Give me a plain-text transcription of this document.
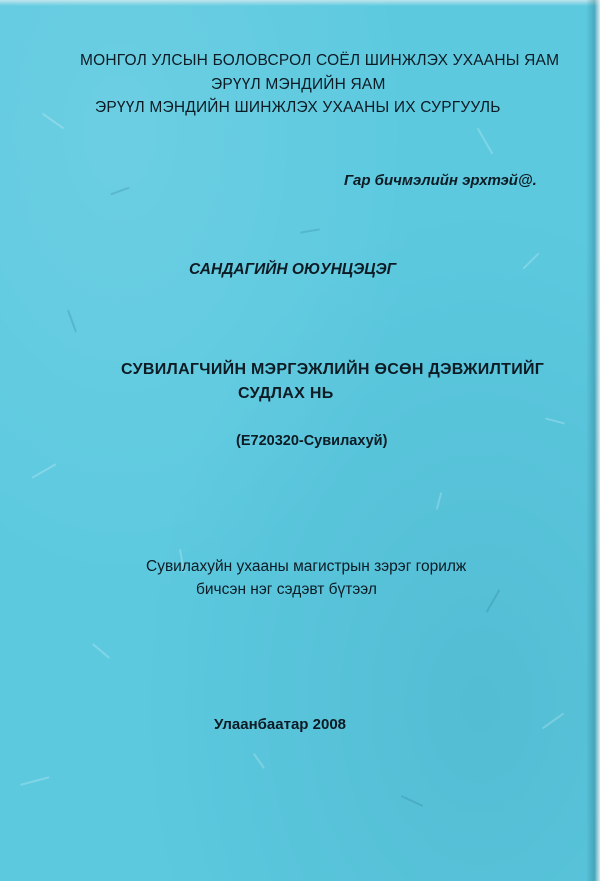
МОНГОЛ УЛСЫН БОЛОВСРОЛ СОЁЛ ШИНЖЛЭХ УХААНЫ ЯАМ

ЭРҮҮЛ МЭНДИЙН ЯАМ

ЭРҮҮЛ МЭНДИЙН ШИНЖЛЭХ УХААНЫ ИХ СУРГУУЛЬ

Гар бичмэлийн эрхтэй@.

САНДАГИЙН ОЮУНЦЭЦЭГ

СУВИЛАГЧИЙН МЭРГЭЖЛИЙН ӨСӨН ДЭВЖИЛТИЙГ

СУДЛАХ НЬ

(E720320-Сувилахуй)

Сувилахуйн ухааны магистрын зэрэг горилж

бичсэн нэг сэдэвт бүтээл

Улаанбаатар 2008
